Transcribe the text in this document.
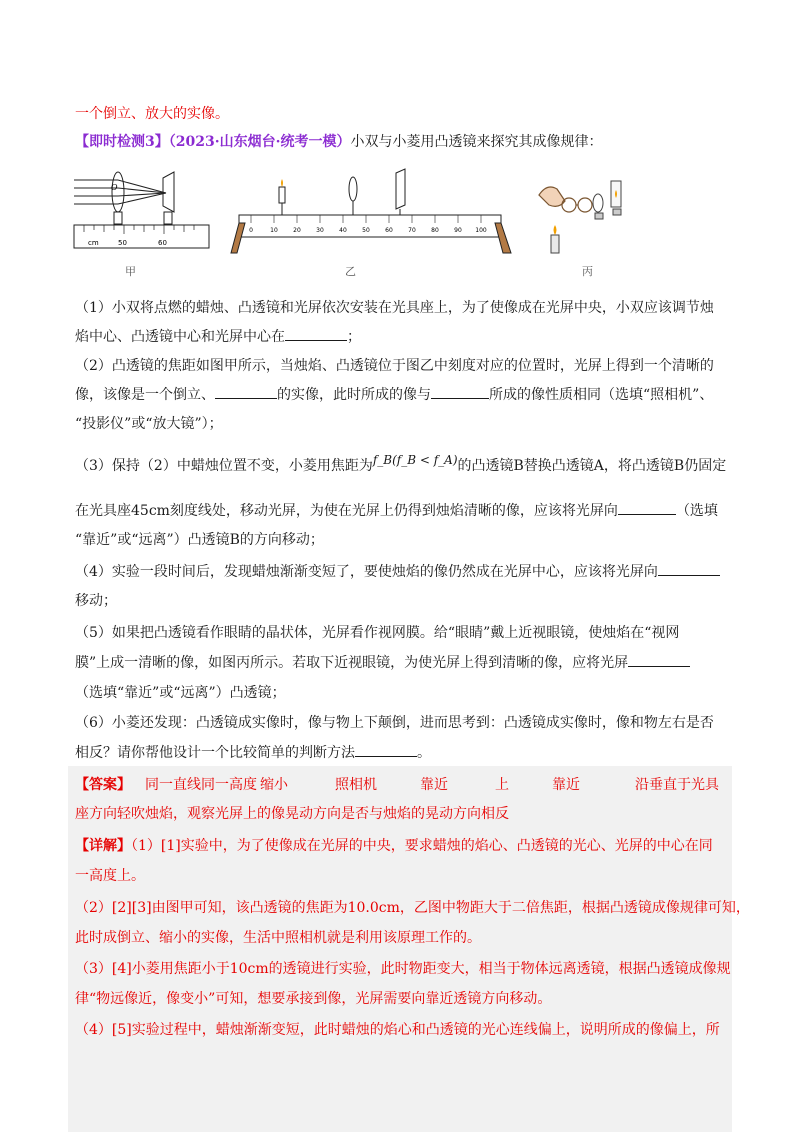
一个倒立、放大的实像。
【即时检测3】（2023·山东烟台·统考一模）小双与小菱用凸透镜来探究其成像规律：
O
cm	50	60
甲
0	10	20	30	40	50	60	70	80	90 100
乙	丙
（1）小双将点燃的蜡烛、凸透镜和光屏依次安装在光具座上，为了使像成在光屏中央，小双应该调节烛
焰中心、凸透镜中心和光屏中心在	；
（2）凸透镜的焦距如图甲所示，当烛焰、凸透镜位于图乙中刻度对应的位置时，光屏上得到一个清晰的
像，该像是一个倒立、	的实像，此时所成的像与	所成的像性质相同（选填“照相机”、
“投影仪”或“放大镜”）；
（3）保持（2）中蜡烛位置不变，小菱用焦距为f_B(f_B < f_A)的凸透镜B替换凸透镜A，将凸透镜B仍固定
在光具座45cm刻度线处，移动光屏，为使在光屏上仍得到烛焰清晰的像，应该将光屏向	（选填
“靠近”或“远离”）凸透镜B的方向移动；
（4）实验一段时间后，发现蜡烛渐渐变短了，要使烛焰的像仍然成在光屏中心，应该将光屏向
移动；
（5）如果把凸透镜看作眼睛的晶状体，光屏看作视网膜。给“眼睛”戴上近视眼镜，使烛焰在“视网
膜”上成一清晰的像，如图丙所示。若取下近视眼镜，为使光屏上得到清晰的像，应将光屏
（选填“靠近”或“远离”）凸透镜；
（6）小菱还发现：凸透镜成实像时，像与物上下颠倒，进而思考到：凸透镜成实像时，像和物左右是否
相反？请你帮他设计一个比较简单的判断方法	。
【答案】 同一直线同一高度 缩小	照相机	靠近	上	靠近	沿垂直于光具
座方向轻吹烛焰，观察光屏上的像晃动方向是否与烛焰的晃动方向相反
【详解】（1）[1]实验中，为了使像成在光屏的中央，要求蜡烛的焰心、凸透镜的光心、光屏的中心在同
一高度上。
（2）[2][3]由图甲可知，该凸透镜的焦距为10.0cm，乙图中物距大于二倍焦距，根据凸透镜成像规律可知，
此时成倒立、缩小的实像，生活中照相机就是利用该原理工作的。
（3）[4]小菱用焦距小于10cm的透镜进行实验，此时物距变大，相当于物体远离透镜，根据凸透镜成像规
律“物远像近，像变小”可知，想要承接到像，光屏需要向靠近透镜方向移动。
（4）[5]实验过程中，蜡烛渐渐变短，此时蜡烛的焰心和凸透镜的光心连线偏上，说明所成的像偏上，所
